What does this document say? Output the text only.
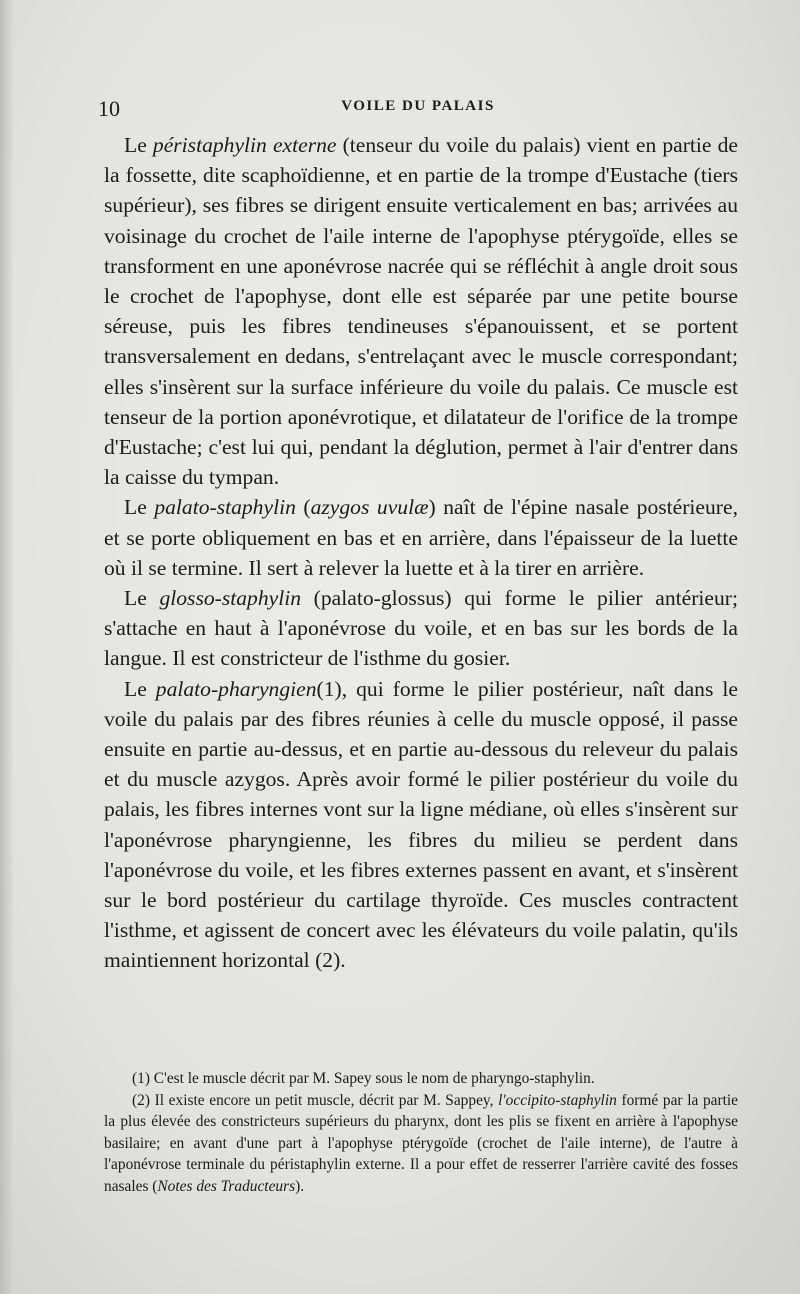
10	VOILE DU PALAIS

Le péristaphylin externe (tenseur du voile du palais) vient en partie de la fossette, dite scaphoïdienne, et en partie de la trompe d'Eustache (tiers supérieur), ses fibres se dirigent ensuite verticalement en bas; arrivées au voisinage du crochet de l'aile interne de l'apophyse ptérygoïde, elles se transforment en une aponévrose nacrée qui se réfléchit à angle droit sous le crochet de l'apophyse, dont elle est séparée par une petite bourse séreuse, puis les fibres tendineuses s'épanouissent, et se portent transversalement en dedans, s'entrelaçant avec le muscle correspondant; elles s'insèrent sur la surface inférieure du voile du palais. Ce muscle est tenseur de la portion aponévrotique, et dilatateur de l'orifice de la trompe d'Eustache; c'est lui qui, pendant la déglution, permet à l'air d'entrer dans la caisse du tympan.

Le palato-staphylin (azygos uvulæ) naît de l'épine nasale postérieure, et se porte obliquement en bas et en arrière, dans l'épaisseur de la luette où il se termine. Il sert à relever la luette et à la tirer en arrière.

Le glosso-staphylin (palato-glossus) qui forme le pilier antérieur; s'attache en haut à l'aponévrose du voile, et en bas sur les bords de la langue. Il est constricteur de l'isthme du gosier.

Le palato-pharyngien(1), qui forme le pilier postérieur, naît dans le voile du palais par des fibres réunies à celle du muscle opposé, il passe ensuite en partie au-dessus, et en partie au-dessous du releveur du palais et du muscle azygos. Après avoir formé le pilier postérieur du voile du palais, les fibres internes vont sur la ligne médiane, où elles s'insèrent sur l'aponévrose pharyngienne, les fibres du milieu se perdent dans l'aponévrose du voile, et les fibres externes passent en avant, et s'insèrent sur le bord postérieur du cartilage thyroïde. Ces muscles contractent l'isthme, et agissent de concert avec les élévateurs du voile palatin, qu'ils maintiennent horizontal (2).

(1) C'est le muscle décrit par M. Sapey sous le nom de pharyngo-staphylin.

(2) Il existe encore un petit muscle, décrit par M. Sappey, l'occipito-staphylin formé par la partie la plus élevée des constricteurs supérieurs du pharynx, dont les plis se fixent en arrière à l'apophyse basilaire; en avant d'une part à l'apophyse ptérygoïde (crochet de l'aile interne), de l'autre à l'aponévrose terminale du péristaphylin externe. Il a pour effet de resserrer l'arrière cavité des fosses nasales (Notes des Traducteurs).
